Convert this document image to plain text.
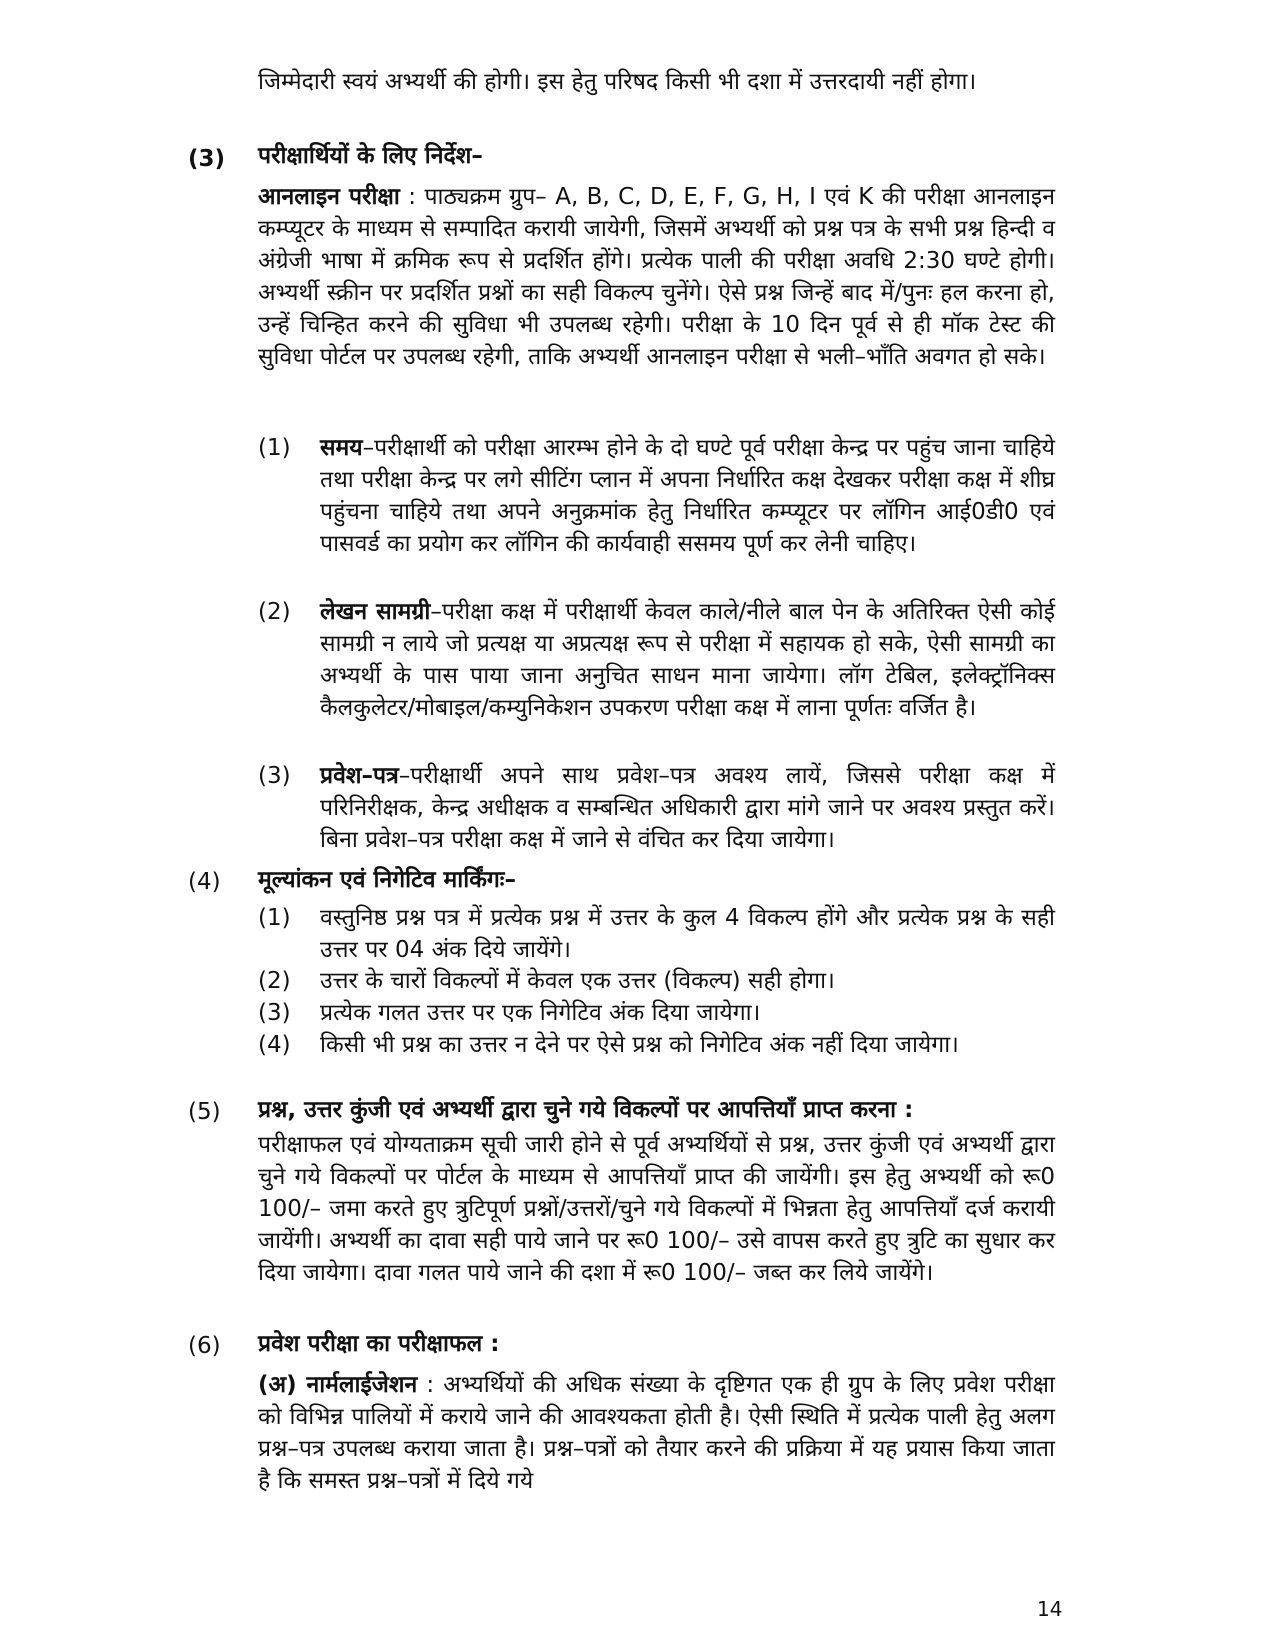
जिम्मेदारी स्वयं अभ्यर्थी की होगी। इस हेतु परिषद किसी भी दशा में उत्तरदायी नहीं होगा।

(3) परीक्षार्थियों के लिए निर्देश–

आनलाइन परीक्षा : पाठ्यक्रम ग्रुप– A, B, C, D, E, F, G, H, I एवं K की परीक्षा आनलाइन कम्प्यूटर के माध्यम से सम्पादित करायी जायेगी, जिसमें अभ्यर्थी को प्रश्न पत्र के सभी प्रश्न हिन्दी व अंग्रेजी भाषा में क्रमिक रूप से प्रदर्शित होंगे। प्रत्येक पाली की परीक्षा अवधि 2:30 घण्टे होगी। अभ्यर्थी स्क्रीन पर प्रदर्शित प्रश्नों का सही विकल्प चुनेंगे। ऐसे प्रश्न जिन्हें बाद में/पुनः हल करना हो, उन्हें चिन्हित करने की सुविधा भी उपलब्ध रहेगी। परीक्षा के 10 दिन पूर्व से ही मॉक टेस्ट की सुविधा पोर्टल पर उपलब्ध रहेगी, ताकि अभ्यर्थी आनलाइन परीक्षा से भली–भाँति अवगत हो सके।

(1) समय–परीक्षार्थी को परीक्षा आरम्भ होने के दो घण्टे पूर्व परीक्षा केन्द्र पर पहुंच जाना चाहिये तथा परीक्षा केन्द्र पर लगे सीटिंग प्लान में अपना निर्धारित कक्ष देखकर परीक्षा कक्ष में शीघ्र पहुंचना चाहिये तथा अपने अनुक्रमांक हेतु निर्धारित कम्प्यूटर पर लॉगिन आई0डी0 एवं पासवर्ड का प्रयोग कर लॉगिन की कार्यवाही ससमय पूर्ण कर लेनी चाहिए।

(2) लेखन सामग्री–परीक्षा कक्ष में परीक्षार्थी केवल काले/नीले बाल पेन के अतिरिक्त ऐसी कोई सामग्री न लाये जो प्रत्यक्ष या अप्रत्यक्ष रूप से परीक्षा में सहायक हो सके, ऐसी सामग्री का अभ्यर्थी के पास पाया जाना अनुचित साधन माना जायेगा। लॉग टेबिल, इलेक्ट्रॉनिक्स कैलकुलेटर/मोबाइल/कम्युनिकेशन उपकरण परीक्षा कक्ष में लाना पूर्णतः वर्जित है।

(3) प्रवेश–पत्र–परीक्षार्थी अपने साथ प्रवेश–पत्र अवश्य लायें, जिससे परीक्षा कक्ष में परिनिरीक्षक, केन्द्र अधीक्षक व सम्बन्धित अधिकारी द्वारा मांगे जाने पर अवश्य प्रस्तुत करें। बिना प्रवेश–पत्र परीक्षा कक्ष में जाने से वंचित कर दिया जायेगा।

(4) मूल्यांकन एवं निगेटिव मार्किंगः–
(1) वस्तुनिष्ठ प्रश्न पत्र में प्रत्येक प्रश्न में उत्तर के कुल 4 विकल्प होंगे और प्रत्येक प्रश्न के सही उत्तर पर 04 अंक दिये जायेंगे।

(2) उत्तर के चारों विकल्पों में केवल एक उत्तर (विकल्प) सही होगा।

(3) प्रत्येक गलत उत्तर पर एक निगेटिव अंक दिया जायेगा।

(4) किसी भी प्रश्न का उत्तर न देने पर ऐसे प्रश्न को निगेटिव अंक नहीं दिया जायेगा।

(5) प्रश्न, उत्तर कुंजी एवं अभ्यर्थी द्वारा चुने गये विकल्पों पर आपत्तियाँ प्राप्त करना :

परीक्षाफल एवं योग्यताक्रम सूची जारी होने से पूर्व अभ्यर्थियों से प्रश्न, उत्तर कुंजी एवं अभ्यर्थी द्वारा चुने गये विकल्पों पर पोर्टल के माध्यम से आपत्तियाँ प्राप्त की जायेंगी। इस हेतु अभ्यर्थी को रू0 100/– जमा करते हुए त्रुटिपूर्ण प्रश्नों/उत्तरों/चुने गये विकल्पों में भिन्नता हेतु आपत्तियाँ दर्ज करायी जायेंगी। अभ्यर्थी का दावा सही पाये जाने पर रू0 100/– उसे वापस करते हुए त्रुटि का सुधार कर दिया जायेगा। दावा गलत पाये जाने की दशा में रू0 100/– जब्त कर लिये जायेंगे।

(6) प्रवेश परीक्षा का परीक्षाफल :

(अ) नार्मलाईजेशन : अभ्यर्थियों की अधिक संख्या के दृष्टिगत एक ही ग्रुप के लिए प्रवेश परीक्षा को विभिन्न पालियों में कराये जाने की आवश्यकता होती है। ऐसी स्थिति में प्रत्येक पाली हेतु अलग प्रश्न–पत्र उपलब्ध कराया जाता है। प्रश्न–पत्रों को तैयार करने की प्रक्रिया में यह प्रयास किया जाता है कि समस्त प्रश्न–पत्रों में दिये गये

14
